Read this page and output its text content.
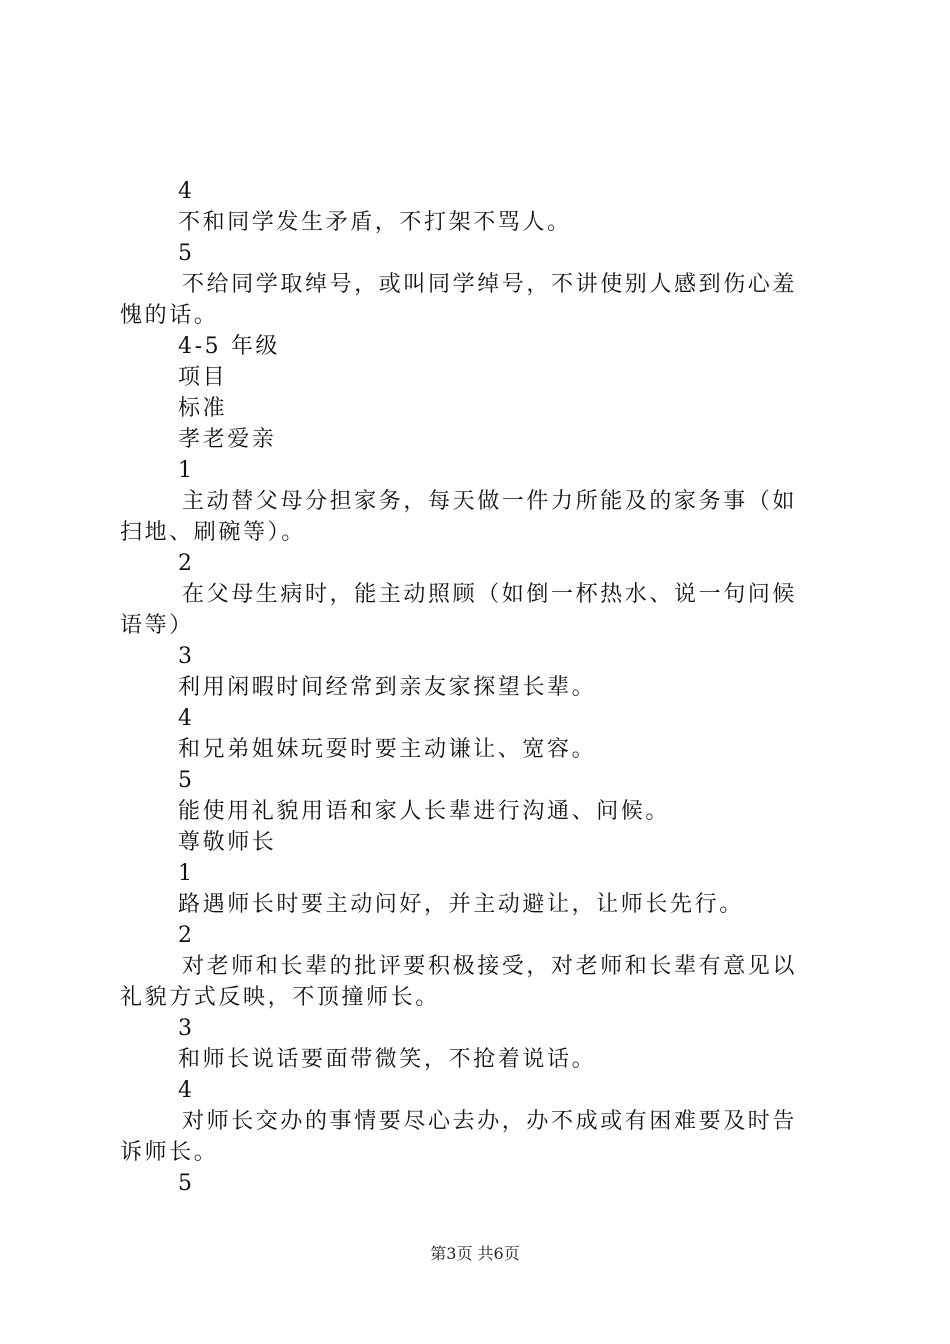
4
不和同学发生矛盾，不打架不骂人。
5
不给同学取绰号，或叫同学绰号，不讲使别人感到伤心羞
愧的话。
4-5 年级
项目
标准
孝老爱亲
1
主动替父母分担家务，每天做一件力所能及的家务事（如
扫地、刷碗等）。
2
在父母生病时，能主动照顾（如倒一杯热水、说一句问候
语等）
3
利用闲暇时间经常到亲友家探望长辈。
4
和兄弟姐妹玩耍时要主动谦让、宽容。
5
能使用礼貌用语和家人长辈进行沟通、问候。
尊敬师长
1
路遇师长时要主动问好，并主动避让，让师长先行。
2
对老师和长辈的批评要积极接受，对老师和长辈有意见以
礼貌方式反映，不顶撞师长。
3
和师长说话要面带微笑，不抢着说话。
4
对师长交办的事情要尽心去办，办不成或有困难要及时告
诉师长。
5
第3页 共6页
